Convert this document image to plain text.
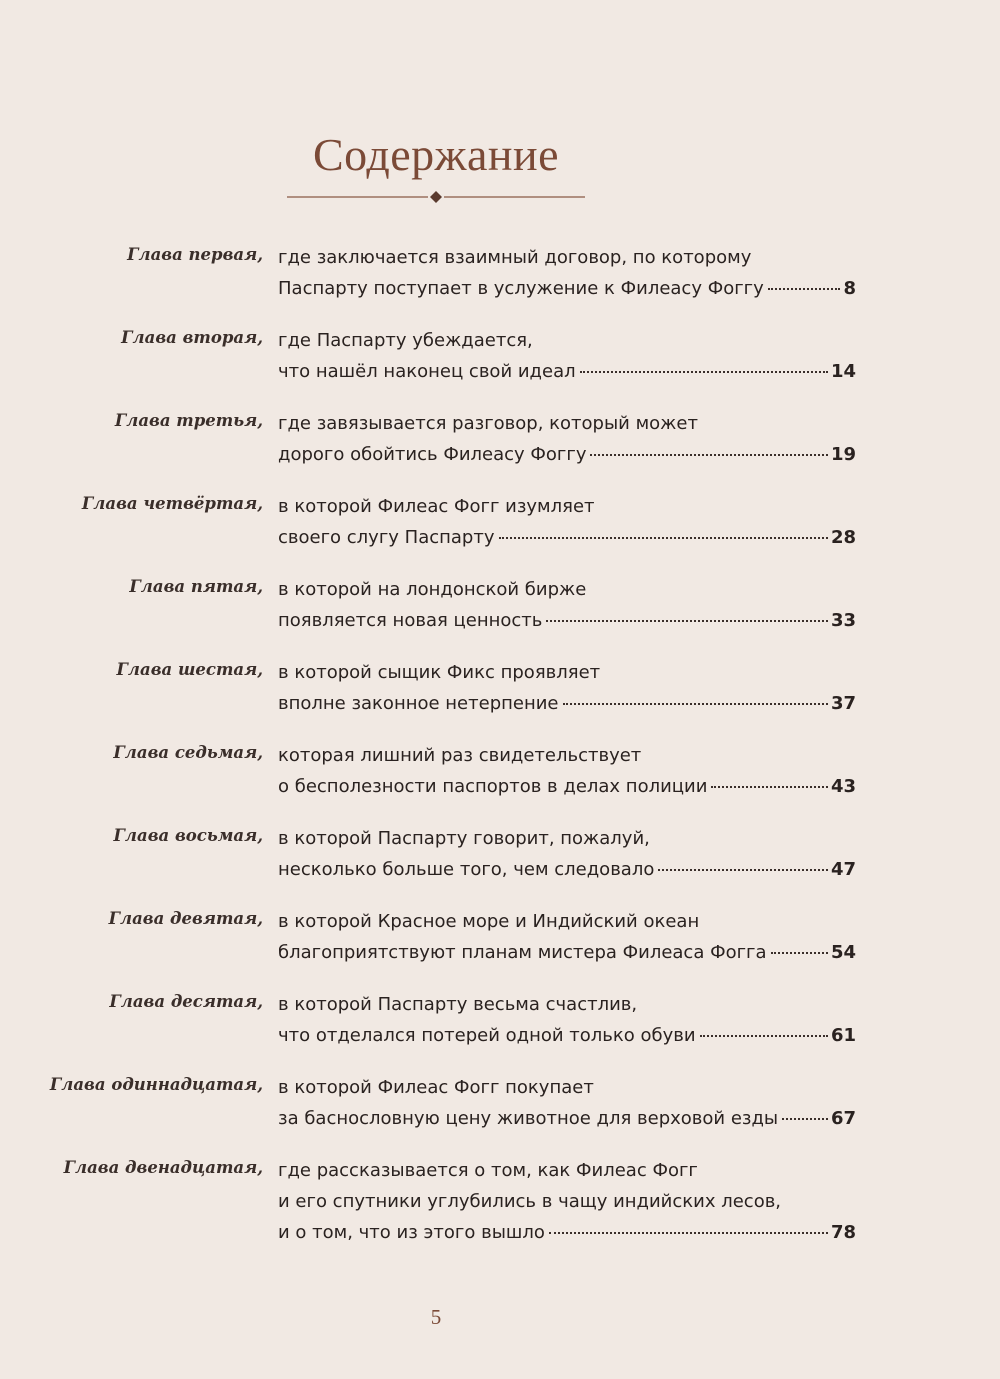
Содержание
Глава первая, где заключается взаимный договор, по которому
Паспарту поступает в услужение к Филеасу Фоггу	8
Глава вторая, где Паспарту убеждается,
что нашёл наконец свой идеал	14
Глава третья, где завязывается разговор, который может
дорого обойтись Филеасу Фоггу	19
Глава четвёртая, в которой Филеас Фогг изумляет
своего слугу Паспарту	28
Глава пятая, в которой на лондонской бирже
появляется новая ценность	33
Глава шестая, в которой сыщик Фикс проявляет
вполне законное нетерпение	37
Глава седьмая, которая лишний раз свидетельствует
о бесполезности паспортов в делах полиции	43
Глава восьмая, в которой Паспарту говорит, пожалуй,
несколько больше того, чем следовало	47
Глава девятая, в которой Красное море и Индийский океан
благоприятствуют планам мистера Филеаса Фогга	54
Глава десятая, в которой Паспарту весьма счастлив,
что отделался потерей одной только обуви	61
Глава одиннадцатая, в которой Филеас Фогг покупает
за баснословную цену животное для верховой езды	67
Глава двенадцатая, где рассказывается о том, как Филеас Фогг
и его спутники углубились в чащу индийских лесов,
и о том, что из этого вышло	78
5
